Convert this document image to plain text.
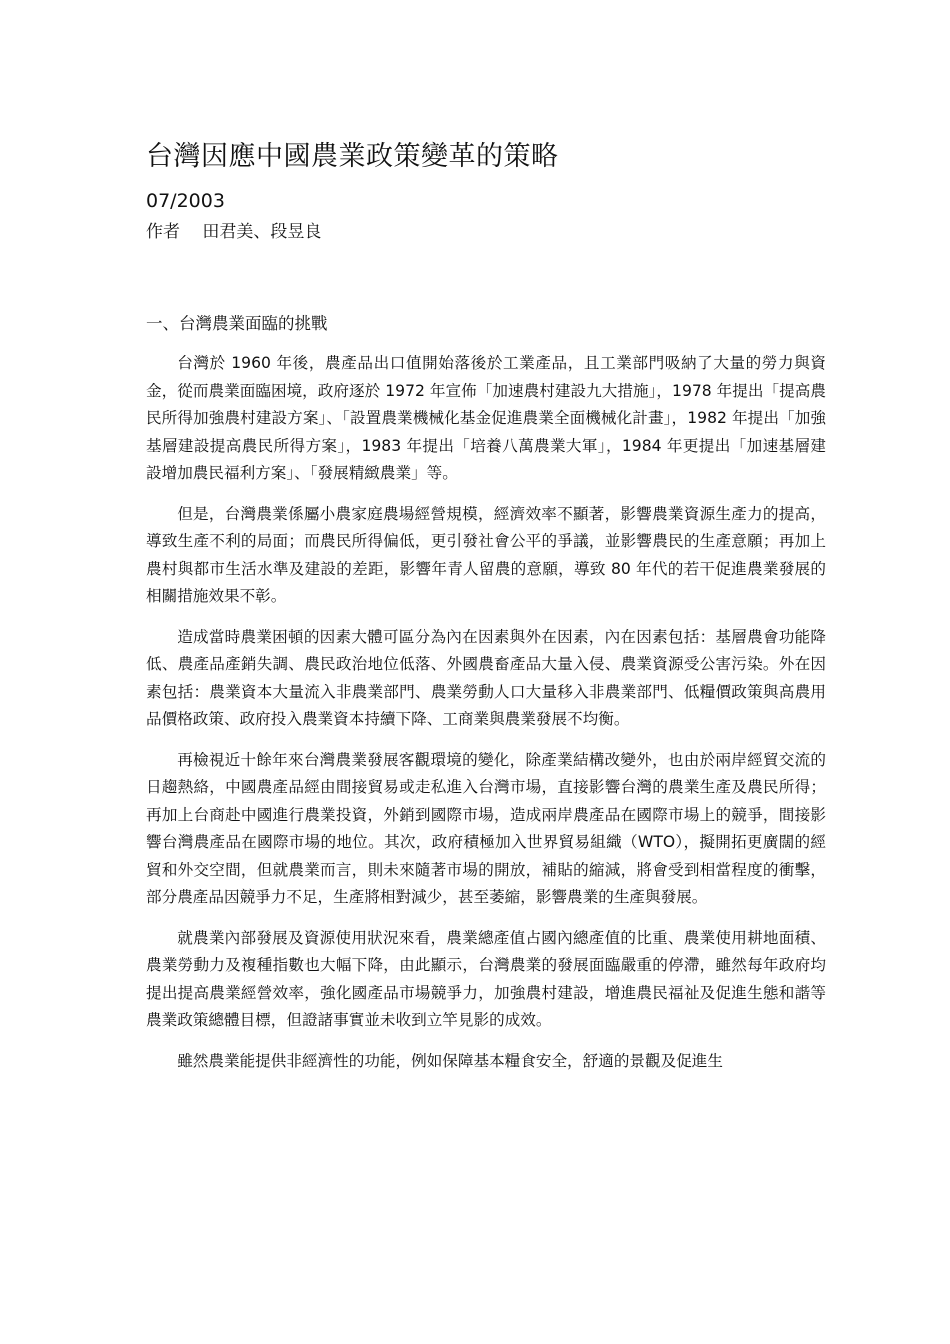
台灣因應中國農業政策變革的策略
07/2003
作者　 田君美、段昱良
一、台灣農業面臨的挑戰

台灣於 1960 年後，農產品出口值開始落後於工業產品，且工業部門吸納了大量的勞力與資金，從而農業面臨困境，政府逐於 1972 年宣佈「加速農村建設九大措施」，1978 年提出「提高農民所得加強農村建設方案」、「設置農業機械化基金促進農業全面機械化計畫」，1982 年提出「加強基層建設提高農民所得方案」，1983 年提出「培養八萬農業大軍」，1984 年更提出「加速基層建設增加農民福利方案」、「發展精緻農業」等。

但是，台灣農業係屬小農家庭農場經營規模，經濟效率不顯著，影響農業資源生產力的提高，導致生產不利的局面；而農民所得偏低，更引發社會公平的爭議，並影響農民的生產意願；再加上農村與都市生活水準及建設的差距，影響年青人留農的意願，導致 80 年代的若干促進農業發展的相關措施效果不彰。

造成當時農業困頓的因素大體可區分為內在因素與外在因素，內在因素包括：基層農會功能降低、農產品產銷失調、農民政治地位低落、外國農畜產品大量入侵、農業資源受公害污染。外在因素包括：農業資本大量流入非農業部門、農業勞動人口大量移入非農業部門、低糧價政策與高農用品價格政策、政府投入農業資本持續下降、工商業與農業發展不均衡。

再檢視近十餘年來台灣農業發展客觀環境的變化，除產業結構改變外，也由於兩岸經貿交流的日趨熱絡，中國農產品經由間接貿易或走私進入台灣市場，直接影響台灣的農業生產及農民所得；再加上台商赴中國進行農業投資，外銷到國際市場，造成兩岸農產品在國際市場上的競爭，間接影響台灣農產品在國際市場的地位。其次，政府積極加入世界貿易組織（WTO），擬開拓更廣闊的經貿和外交空間，但就農業而言，則未來隨著市場的開放，補貼的縮減，將會受到相當程度的衝擊，部分農產品因競爭力不足，生產將相對減少，甚至萎縮，影響農業的生產與發展。

就農業內部發展及資源使用狀況來看，農業總產值占國內總產值的比重、農業使用耕地面積、農業勞動力及複種指數也大幅下降，由此顯示，台灣農業的發展面臨嚴重的停滯，雖然每年政府均提出提高農業經營效率，強化國產品市場競爭力，加強農村建設，增進農民福祉及促進生態和諧等農業政策總體目標，但證諸事實並未收到立竿見影的成效。

雖然農業能提供非經濟性的功能，例如保障基本糧食安全，舒適的景觀及促進生
